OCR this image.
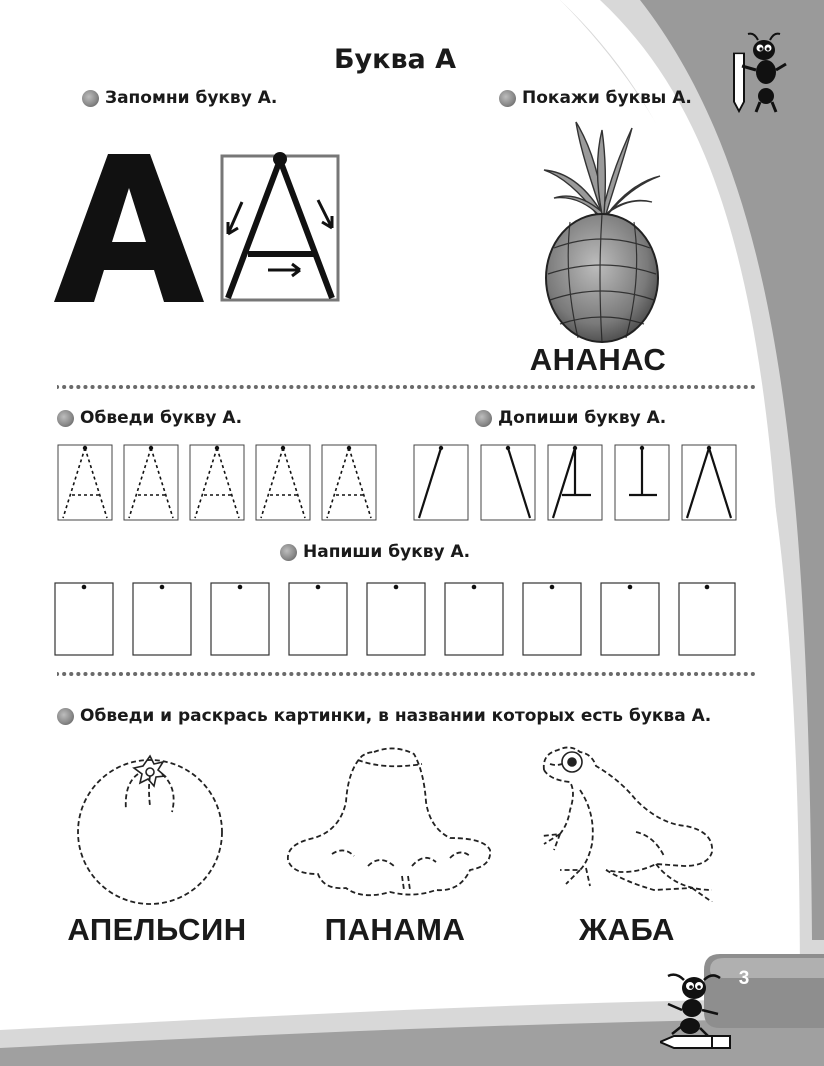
3
Буква А
Запомни букву А.	Покажи буквы А.
АНАНАС
Обведи букву А.	Допиши букву А.
Напиши букву А.
Обведи и раскрась картинки, в названии которых есть буква А.
АПЕЛЬСИН	ПАНАМА	ЖАБА
